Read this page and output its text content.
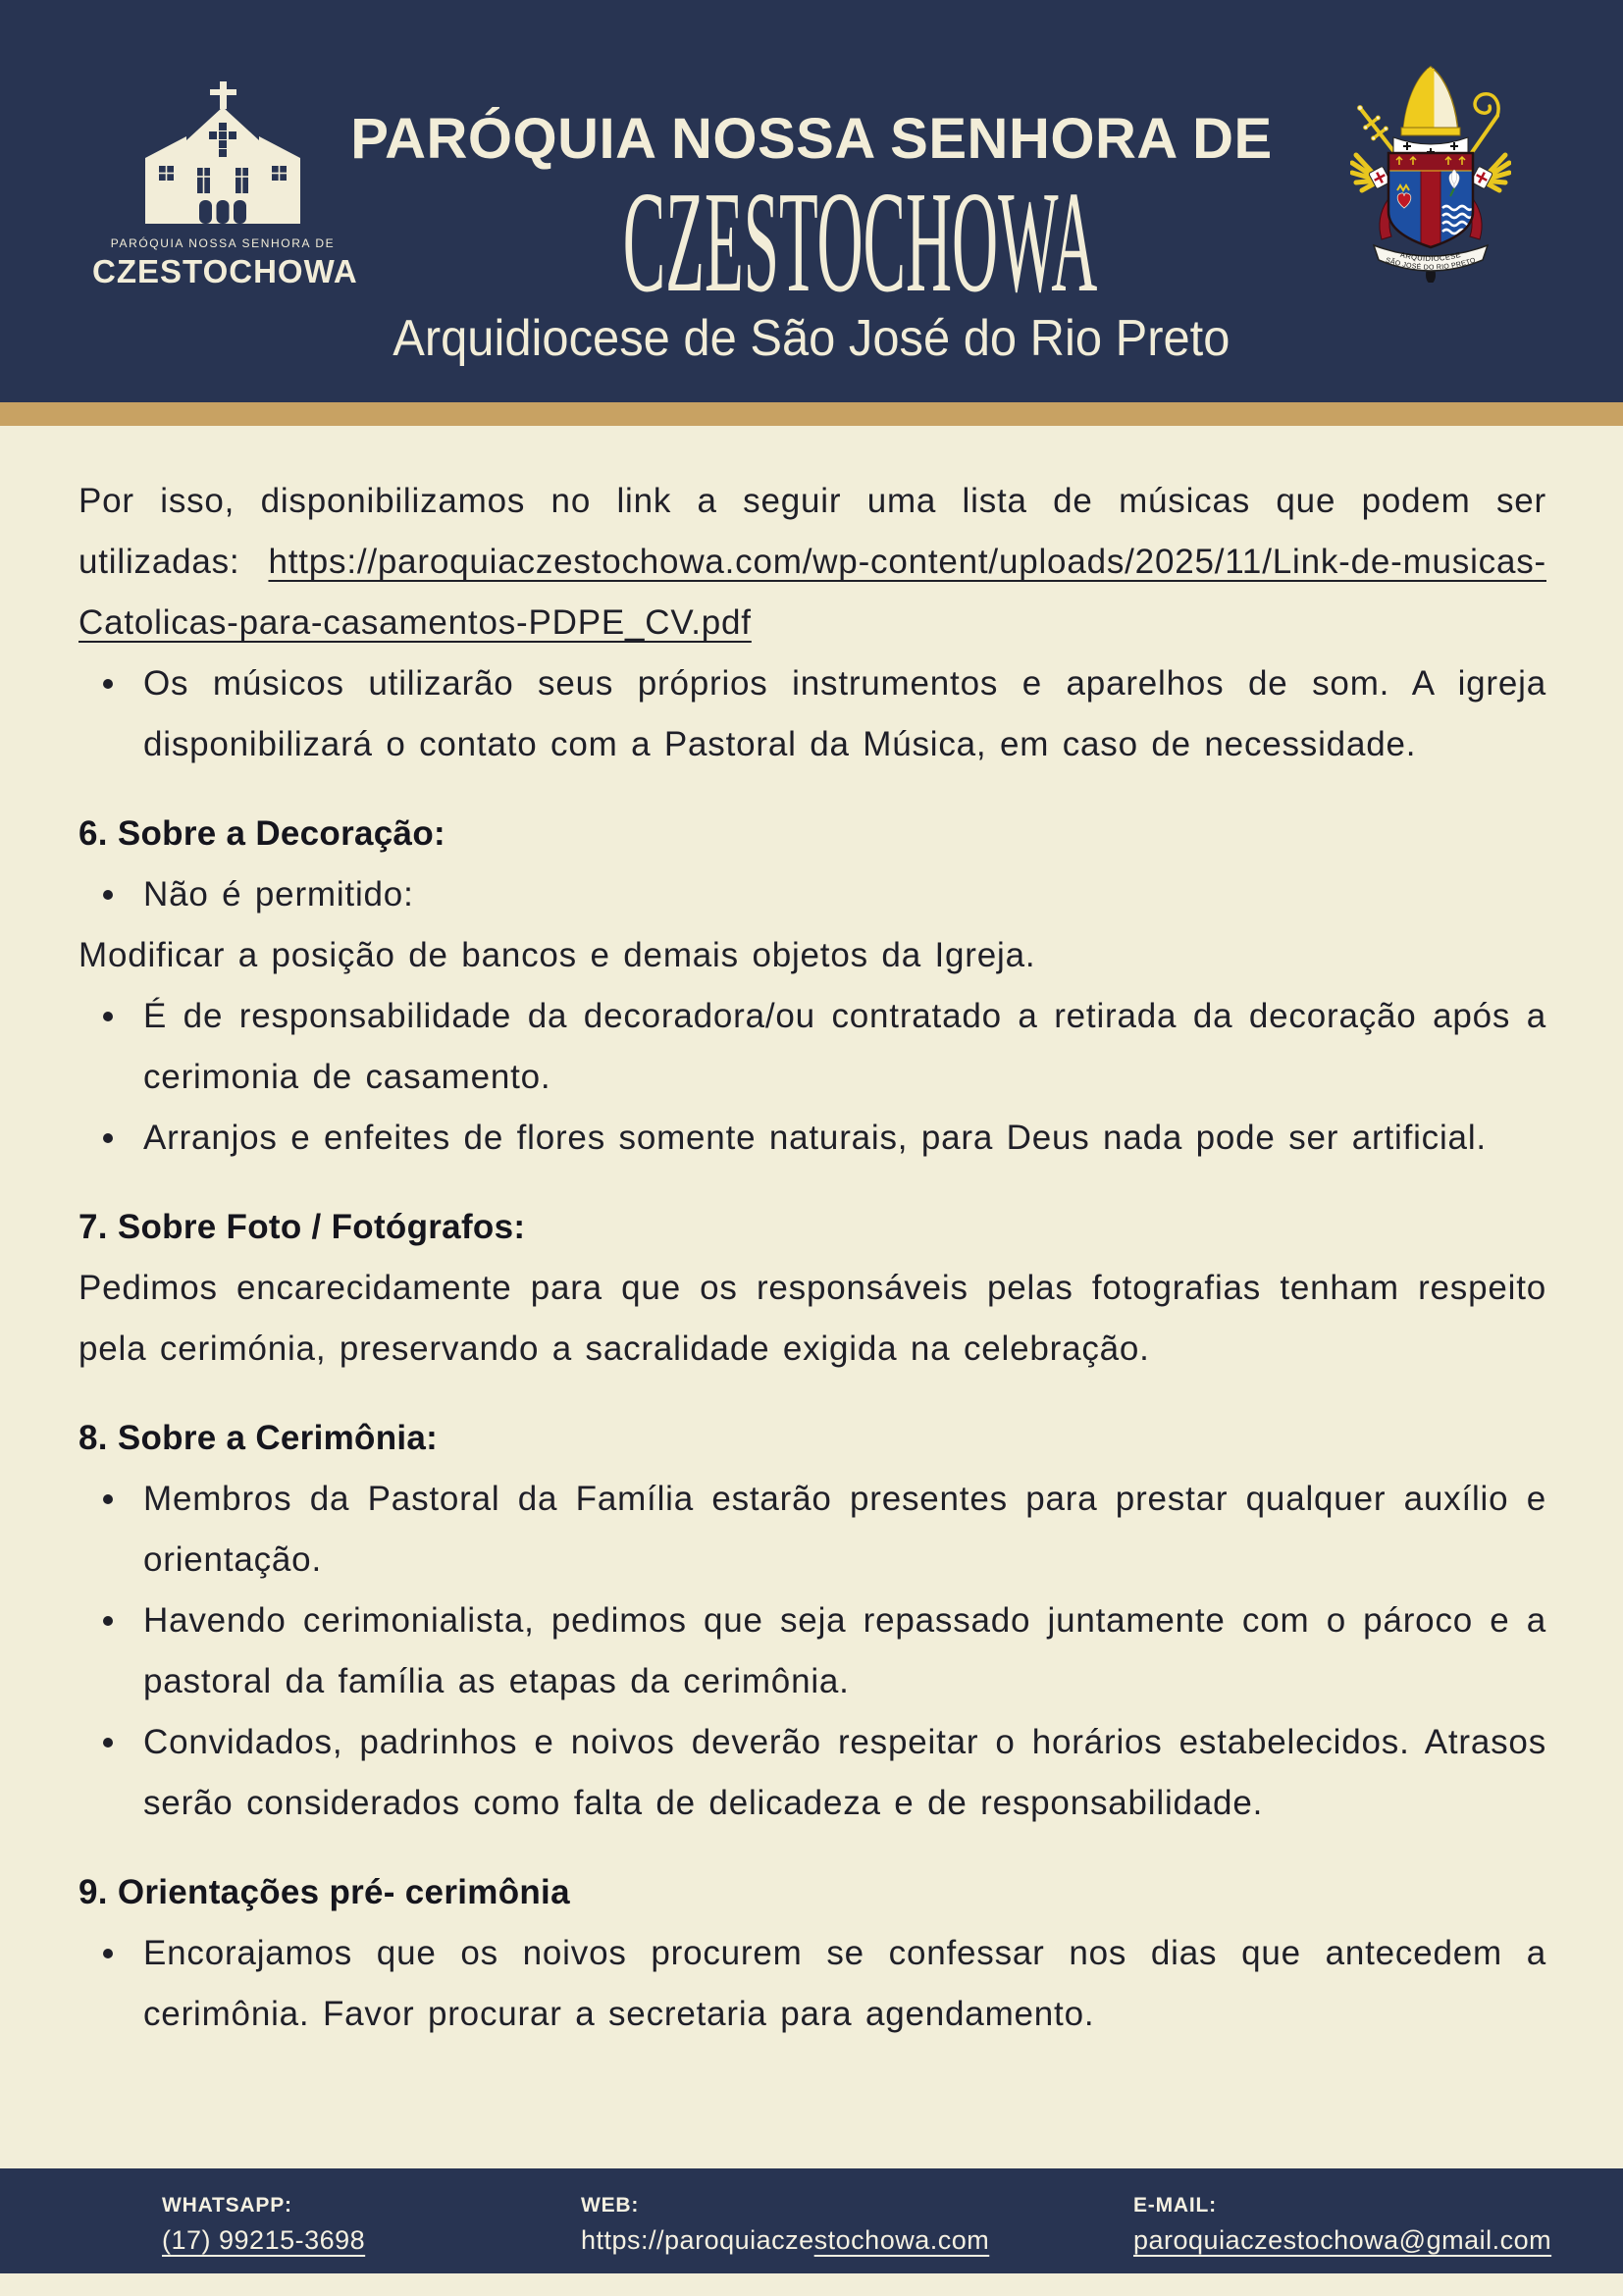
PARÓQUIA NOSSA SENHORA DE
CZESTOCHOWA
PARÓQUIA NOSSA SENHORA DE
CZESTOCHOWA
Arquidiocese de São José do Rio Preto
ARQUIDIOCESE
SÃO JOSÉ DO RIO PRETO

Por isso, disponibilizamos no link a seguir uma lista de músicas que podem ser utilizadas: https://paroquiaczestochowa.com/wp-content/uploads/2025/11/Link-de-musicas-Catolicas-para-casamentos-PDPE_CV.pdf

Os músicos utilizarão seus próprios instrumentos e aparelhos de som. A igreja disponibilizará o contato com a Pastoral da Música, em caso de necessidade.
6. Sobre a Decoração:
Não é permitido:

Modificar a posição de bancos e demais objetos da Igreja.

É de responsabilidade da decoradora/ou contratado a retirada da decoração após a cerimonia de casamento.
Arranjos e enfeites de flores somente naturais, para Deus nada pode ser artificial.
7. Sobre Foto / Fotógrafos:

Pedimos encarecidamente para que os responsáveis pelas fotografias tenham respeito pela cerimónia, preservando a sacralidade exigida na celebração.

8. Sobre a Cerimônia:
Membros da Pastoral da Família estarão presentes para prestar qualquer auxílio e orientação.
Havendo cerimonialista, pedimos que seja repassado juntamente com o pároco e a pastoral da família as etapas da cerimônia.
Convidados, padrinhos e noivos deverão respeitar o horários estabelecidos. Atrasos serão considerados como falta de delicadeza e de responsabilidade.
9. Orientações pré- cerimônia
Encorajamos que os noivos procurem se confessar nos dias que antecedem a cerimônia. Favor procurar a secretaria para agendamento.
WHATSAPP:
(17) 99215-3698
WEB:
https://paroquiaczestochowa.com
E-MAIL:
paroquiaczestochowa@gmail.com
